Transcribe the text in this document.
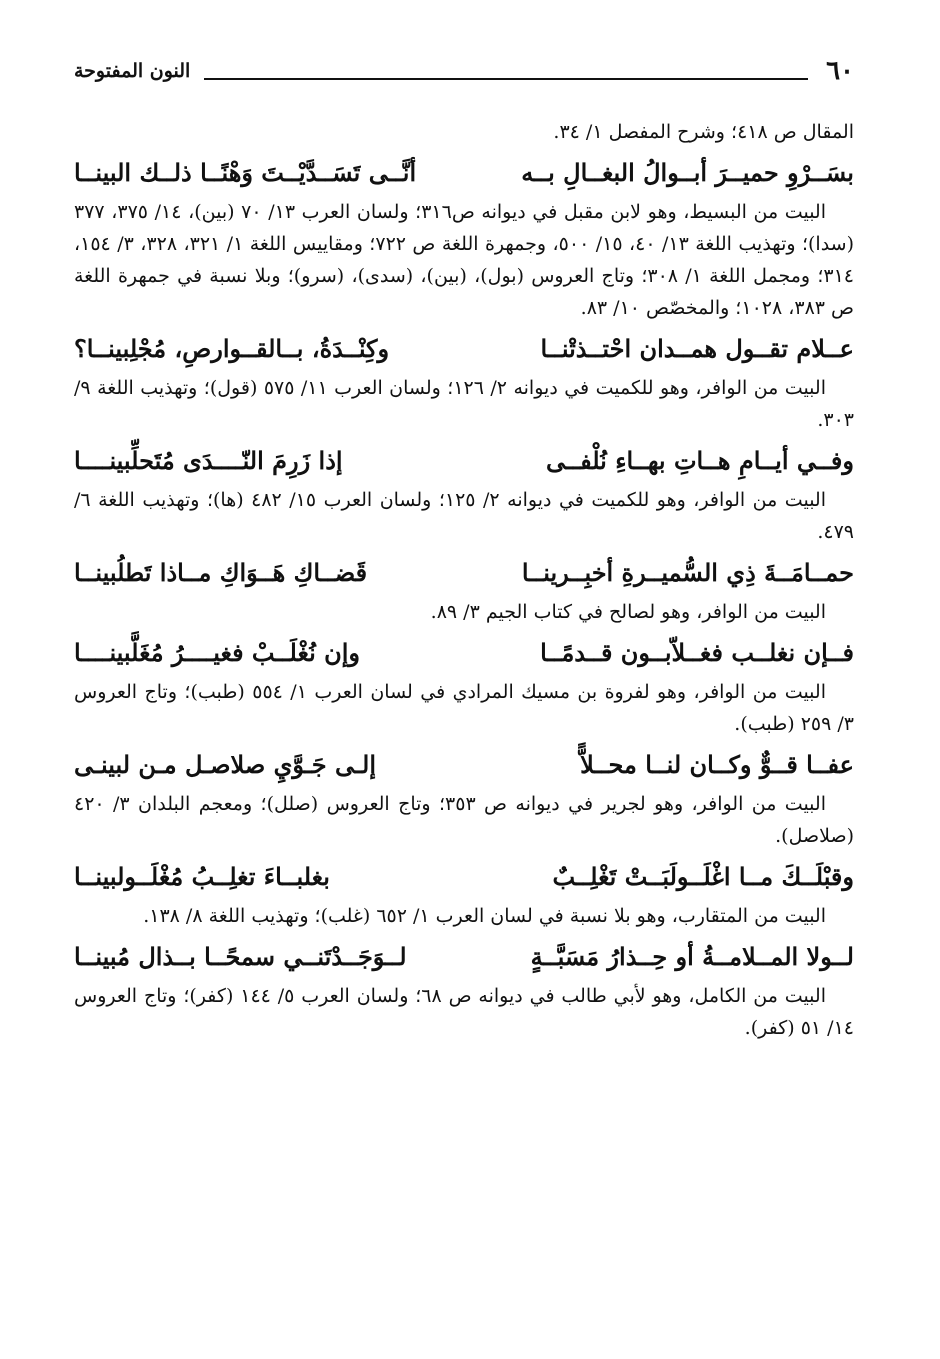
٦٠
النون المفتوحة

المقال ص ٤١٨؛ وشرح المفصل ١/ ٣٤.

بسَــرْوِ حميــرَ أبــوالُ البغــالِ بــه
أنَّــى تَسَــدَّيْــتَ وَهْنًــا ذلــك البينــا

البيت من البسيط، وهو لابن مقبل في ديوانه ص٣١٦؛ ولسان العرب ١٣/ ٧٠ (بين)، ١٤/ ٣٧٥، ٣٧٧ (سدا)؛ وتهذيب اللغة ١٣/ ٤٠، ١٥/ ٥٠٠، وجمهرة اللغة ص ٧٢٢؛ ومقاييس اللغة ١/ ٣٢١، ٣٢٨، ٣/ ١٥٤، ٣١٤؛ ومجمل اللغة ١/ ٣٠٨؛ وتاج العروس (بول)، (بين)، (سدى)، (سرو)؛ وبلا نسبة في جمهرة اللغة ص ٣٨٣، ١٠٢٨؛ والمخصّص ١٠/ ٨٣.

عــلام تقــول همــدان احْتــذتْنــا
وكِنْــدَةُ، بــالقــوارصِ، مُجْلِبينــا؟

البيت من الوافر، وهو للكميت في ديوانه ٢/ ١٢٦؛ ولسان العرب ١١/ ٥٧٥ (قول)؛ وتهذيب اللغة ٩/ ٣٠٣.

وفــي أيــامِ هــاتِ بهــاءِ نُلْفــى
إذا زَرِمَ النّــــدَى مُتَحلِّبينــــا

البيت من الوافر، وهو للكميت في ديوانه ٢/ ١٢٥؛ ولسان العرب ١٥/ ٤٨٢ (ها)؛ وتهذيب اللغة ٦/ ٤٧٩.

حمــامَــةَ ذِي السُّميــرةِ أخبِــرينــا
قَضــاكِ هَــوَاكِ مــاذا تَطلُبينــا

البيت من الوافر، وهو لصالح في كتاب الجيم ٣/ ٨٩.

فــإن نغلــب فغــلاّبــون قــدمًــا
وإن نُغْلَــبْ فغيــــرُ مُغَلَّبينــــا

البيت من الوافر، وهو لفروة بن مسيك المرادي في لسان العرب ١/ ٥٥٤ (طبب)؛ وتاج العروس ٣/ ٢٥٩ (طبب).

عفــا قــوٌّ وكــان لنــا محــلاًّ
إلـى جَـوَّيِ صلاصـل مـن لبينـى

البيت من الوافر، وهو لجرير في ديوانه ص ٣٥٣؛ وتاج العروس (صلل)؛ ومعجم البلدان ٣/ ٤٢٠ (صلاصل).

وقبْلَــكَ مــا اغْلَــولَبَــتْ تَغْلِــبٌ
بغلبــاءَ تغلِــبُ مُغْلَــولبينــا

البيت من المتقارب، وهو بلا نسبة في لسان العرب ١/ ٦٥٢ (غلب)؛ وتهذيب اللغة ٨/ ١٣٨.

لــولا المــلامــةُ أو حِــذارُ مَسَبَّــةٍ
لــوَجَــدْتَنــي سمحًــا بــذال مُبينــا

البيت من الكامل، وهو لأبي طالب في ديوانه ص ٦٨؛ ولسان العرب ٥/ ١٤٤ (كفر)؛ وتاج العروس ١٤/ ٥١ (كفر).
